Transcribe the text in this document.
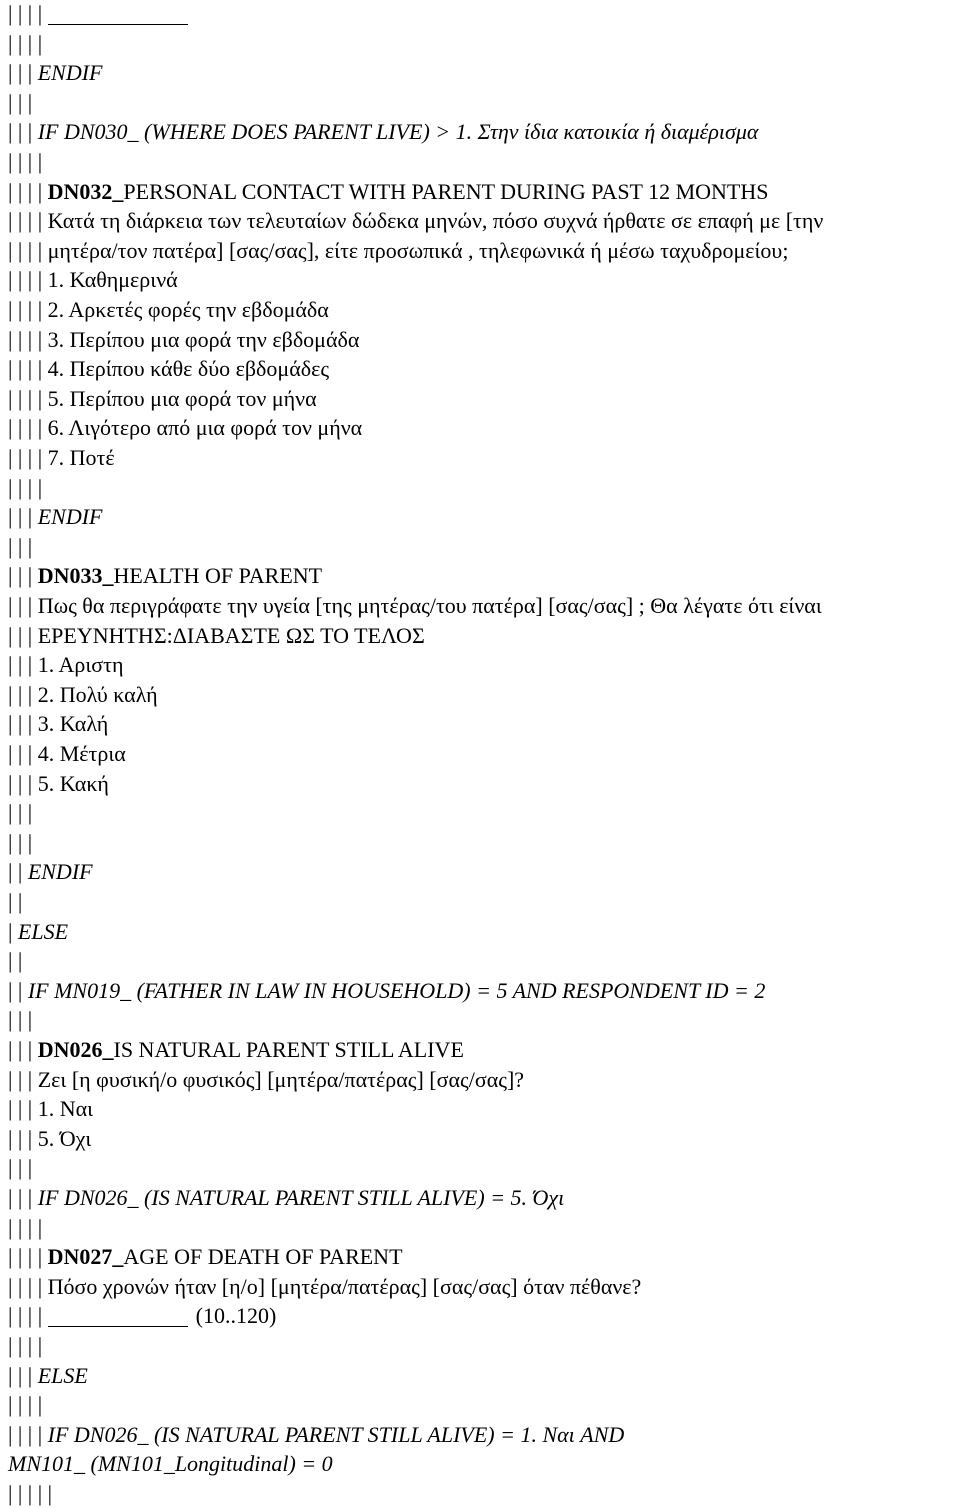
| | | |
| | | |
| | | ENDIF
| | |
| | | IF DN030_ (WHERE DOES PARENT LIVE) > 1. Στην ίδια κατοικία ή διαμέρισμα
| | | |
| | | | DN032_ PERSONAL CONTACT WITH PARENT DURING PAST 12 MONTHS
| | | | Κατά τη διάρκεια των τελευταίων δώδεκα μηνών, πόσο συχνά ήρθατε σε επαφή με [την
| | | | μητέρα/τον πατέρα] [σας/σας], είτε προσωπικά , τηλεφωνικά ή μέσω ταχυδρομείου;
| | | | 1. Καθημερινά
| | | | 2. Αρκετές φορές την εβδομάδα
| | | | 3. Περίπου μια φορά την εβδομάδα
| | | | 4. Περίπου κάθε δύο εβδομάδες
| | | | 5. Περίπου μια φορά τον μήνα
| | | | 6. Λιγότερο από μια φορά τον μήνα
| | | | 7. Ποτέ
| | | |
| | | ENDIF
| | |
| | | DN033_ HEALTH OF PARENT
| | | Πως θα περιγράφατε την υγεία [της μητέρας/του πατέρα] [σας/σας] ; Θα λέγατε ότι είναι
| | | ΕΡΕΥΝΗΤΗΣ:ΔΙΑΒΑΣΤΕ ΩΣ ΤΟ ΤΕΛΟΣ
| | | 1. Αριστη
| | | 2. Πολύ καλή
| | | 3. Καλή
| | | 4. Μέτρια
| | | 5. Κακή
| | |
| | |
| | ENDIF
| |
| ELSE
| |
| | IF MN019_ (FATHER IN LAW IN HOUSEHOLD) = 5 AND RESPONDENT ID = 2
| | |
| | | DN026_ IS NATURAL PARENT STILL ALIVE
| | | Ζει [η φυσική/ο φυσικός] [μητέρα/πατέρας] [σας/σας]?
| | | 1. Ναι
| | | 5. Όχι
| | |
| | | IF DN026_ (IS NATURAL PARENT STILL ALIVE) = 5. Όχι
| | | |
| | | | DN027_ AGE OF DEATH OF PARENT
| | | | Πόσο χρονών ήταν [η/ο] [μητέρα/πατέρας] [σας/σας] όταν πέθανε?
| | | |	(10..120)
| | | |
| | | ELSE
| | | |
| | | | IF DN026_ (IS NATURAL PARENT STILL ALIVE) = 1. Ναι AND
MN101_ (MN101_Longitudinal) = 0
| | | | |
